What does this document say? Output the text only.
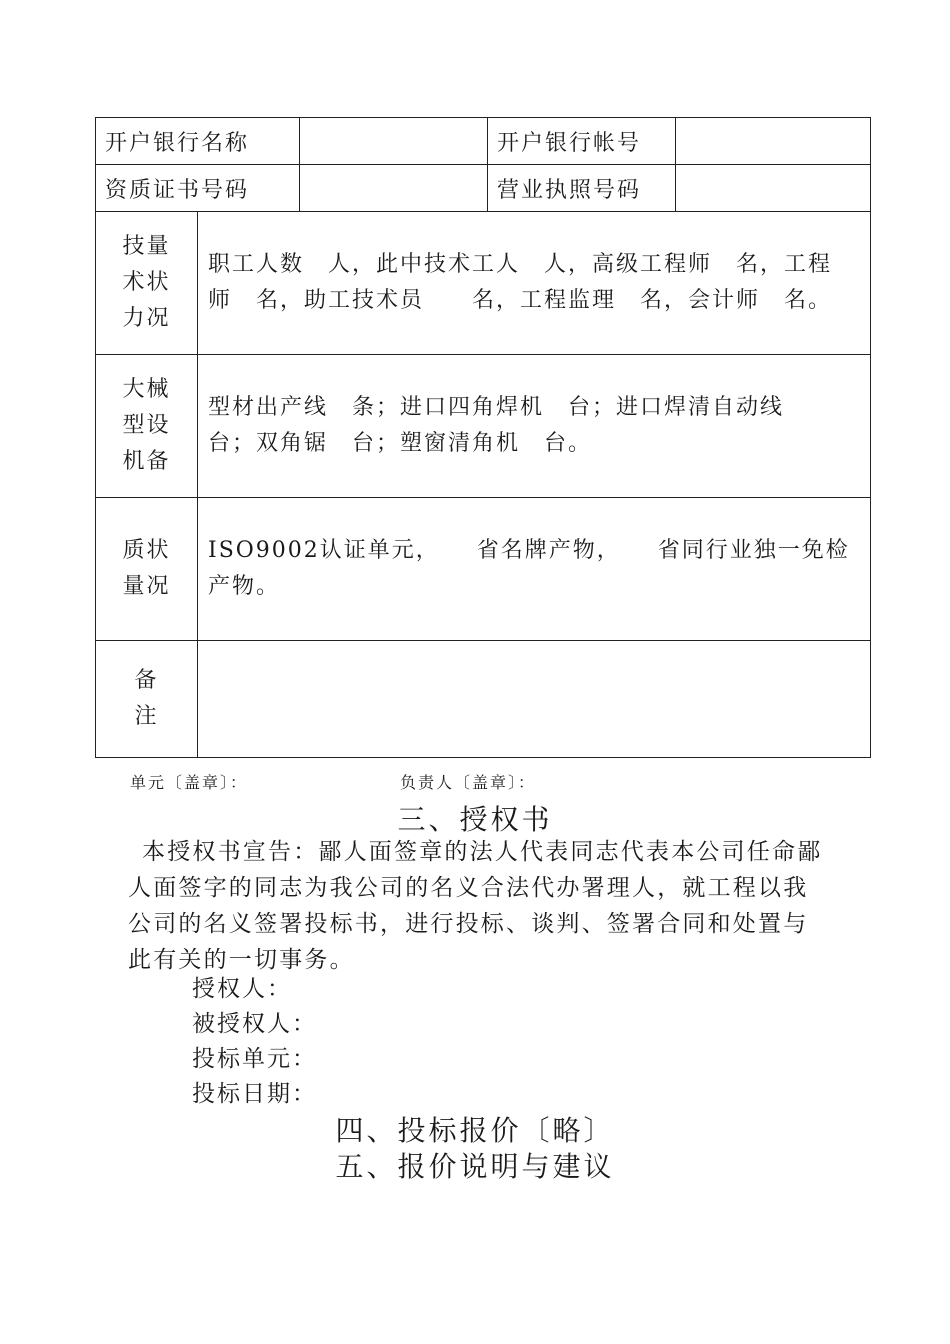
开户银行名称			开户银行帐号	
资质证书号码			营业执照号码	

技量
术状
力况	职工人数　人，此中技术工人　人，高级工程师　名，工程师　名，助工技术员　　名，工程监理　名，会计师　名。			

大械
型设
机备	型材出产线　条；进口四角焊机　台；进口焊清自动线　台；双角锯　台；塑窗清角机　台。			

质状
量况	ISO9002认证单元，　　省名牌产物，　　省同行业独一免检产物。			

备
注				

单元〔盖章〕：	负责人〔盖章〕：
三、授权书
本授权书宣告：鄙人面签章的法人代表同志代表本公司任命鄙人面签字的同志为我公司的名义合法代办署理人，就工程以我公司的名义签署投标书，进行投标、谈判、签署合同和处置与此有关的一切事务。
授权人：
被授权人：
投标单元：
投标日期：
四、投标报价〔略〕
五、报价说明与建议
